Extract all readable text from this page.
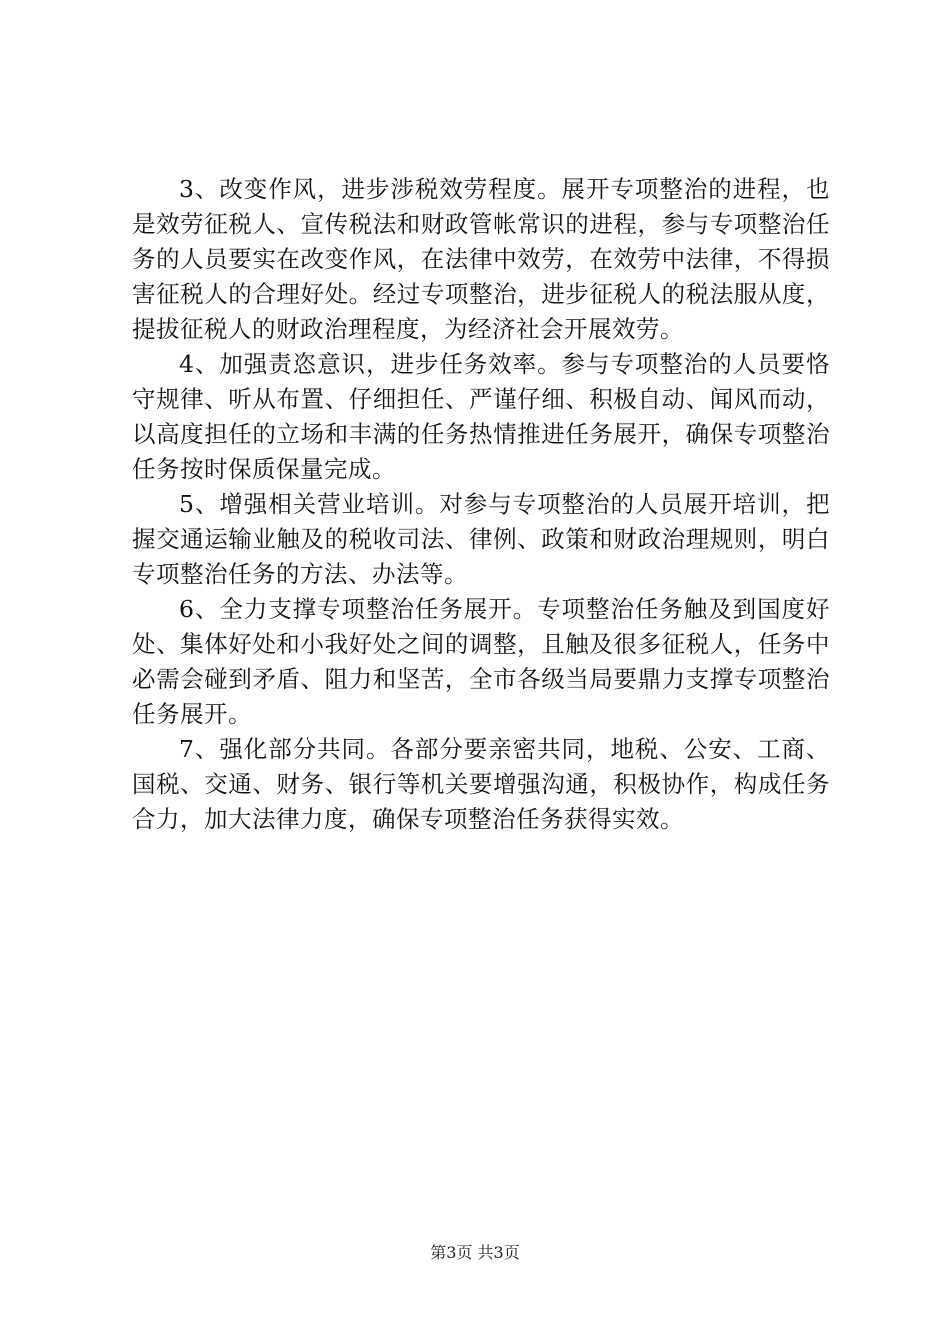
3、改变作风，进步涉税效劳程度。展开专项整治的进程，也是效劳征税人、宣传税法和财政管帐常识的进程，参与专项整治任务的人员要实在改变作风，在法律中效劳，在效劳中法律，不得损害征税人的合理好处。经过专项整治，进步征税人的税法服从度，提拔征税人的财政治理程度，为经济社会开展效劳。

4、加强责恣意识，进步任务效率。参与专项整治的人员要恪守规律、听从布置、仔细担任、严谨仔细、积极自动、闻风而动，以高度担任的立场和丰满的任务热情推进任务展开，确保专项整治任务按时保质保量完成。

5、增强相关营业培训。对参与专项整治的人员展开培训，把握交通运输业触及的税收司法、律例、政策和财政治理规则，明白专项整治任务的方法、办法等。

6、全力支撑专项整治任务展开。专项整治任务触及到国度好处、集体好处和小我好处之间的调整，且触及很多征税人，任务中必需会碰到矛盾、阻力和坚苦，全市各级当局要鼎力支撑专项整治任务展开。

7、强化部分共同。各部分要亲密共同，地税、公安、工商、国税、交通、财务、银行等机关要增强沟通，积极协作，构成任务合力，加大法律力度，确保专项整治任务获得实效。

第3页 共3页
